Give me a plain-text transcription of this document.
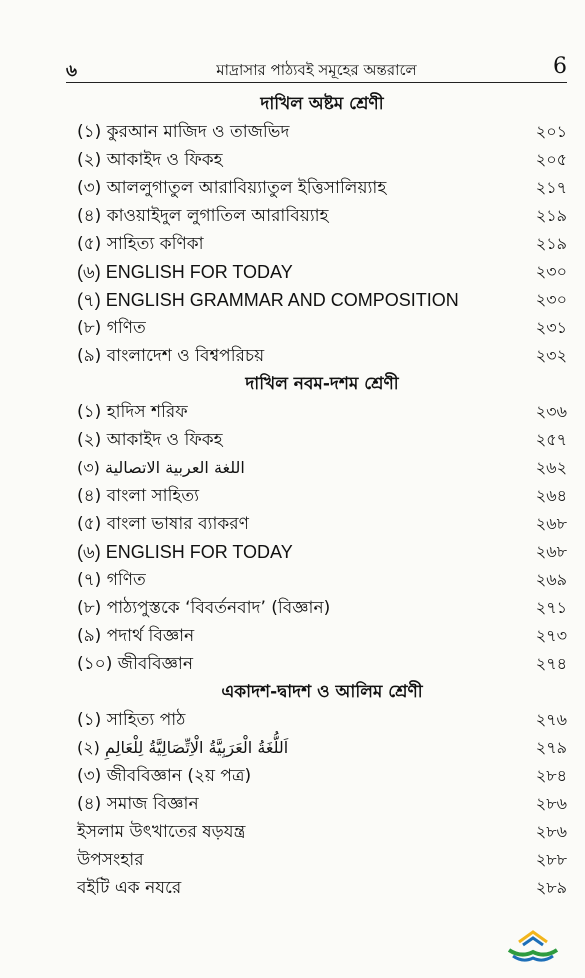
৬	মাদ্রাসার পাঠ্যবই সমূহের অন্তরালে	6
দাখিল অষ্টম শ্রেণী
(১) কুরআন মাজিদ ও তাজভিদ	২০১
(২) আকাইদ ও ফিকহ	২০৫
(৩) আললুগাতুল আরাবিয়্যাতুল ইত্তিসালিয়্যাহ	২১৭
(৪) কাওয়াইদুল লুগাতিল আরাবিয়্যাহ	২১৯
(৫) সাহিত্য কণিকা	২১৯
(৬) ENGLISH FOR TODAY	২৩০
(৭) ENGLISH GRAMMAR AND COMPOSITION	২৩০
(৮) গণিত	২৩১
(৯) বাংলাদেশ ও বিশ্বপরিচয়	২৩২
দাখিল নবম-দশম শ্রেণী
(১) হাদিস শরিফ	২৩৬
(২) আকাইদ ও ফিকহ	২৫৭
(৩) اللغة العربية الاتصالية	২৬২
(৪) বাংলা সাহিত্য	২৬৪
(৫) বাংলা ভাষার ব্যাকরণ	২৬৮
(৬) ENGLISH FOR TODAY	২৬৮
(৭) গণিত	২৬৯
(৮) পাঠ্যপুস্তকে ‘বিবর্তনবাদ’ (বিজ্ঞান)	২৭১
(৯) পদার্থ বিজ্ঞান	২৭৩
(১০) জীববিজ্ঞান	২৭৪
একাদশ-দ্বাদশ ও আলিম শ্রেণী
(১) সাহিত্য পাঠ	২৭৬
(২) اَللُّغَةُ الْعَرَبِيَّةُ الْاِتِّصَالِيَّةُ لِلْعَالِمِ	২৭৯
(৩) জীববিজ্ঞান (২য় পত্র)	২৮৪
(৪) সমাজ বিজ্ঞান	২৮৬
ইসলাম উৎখাতের ষড়যন্ত্র	২৮৬
উপসংহার	২৮৮
বইটি এক নযরে	২৮৯
